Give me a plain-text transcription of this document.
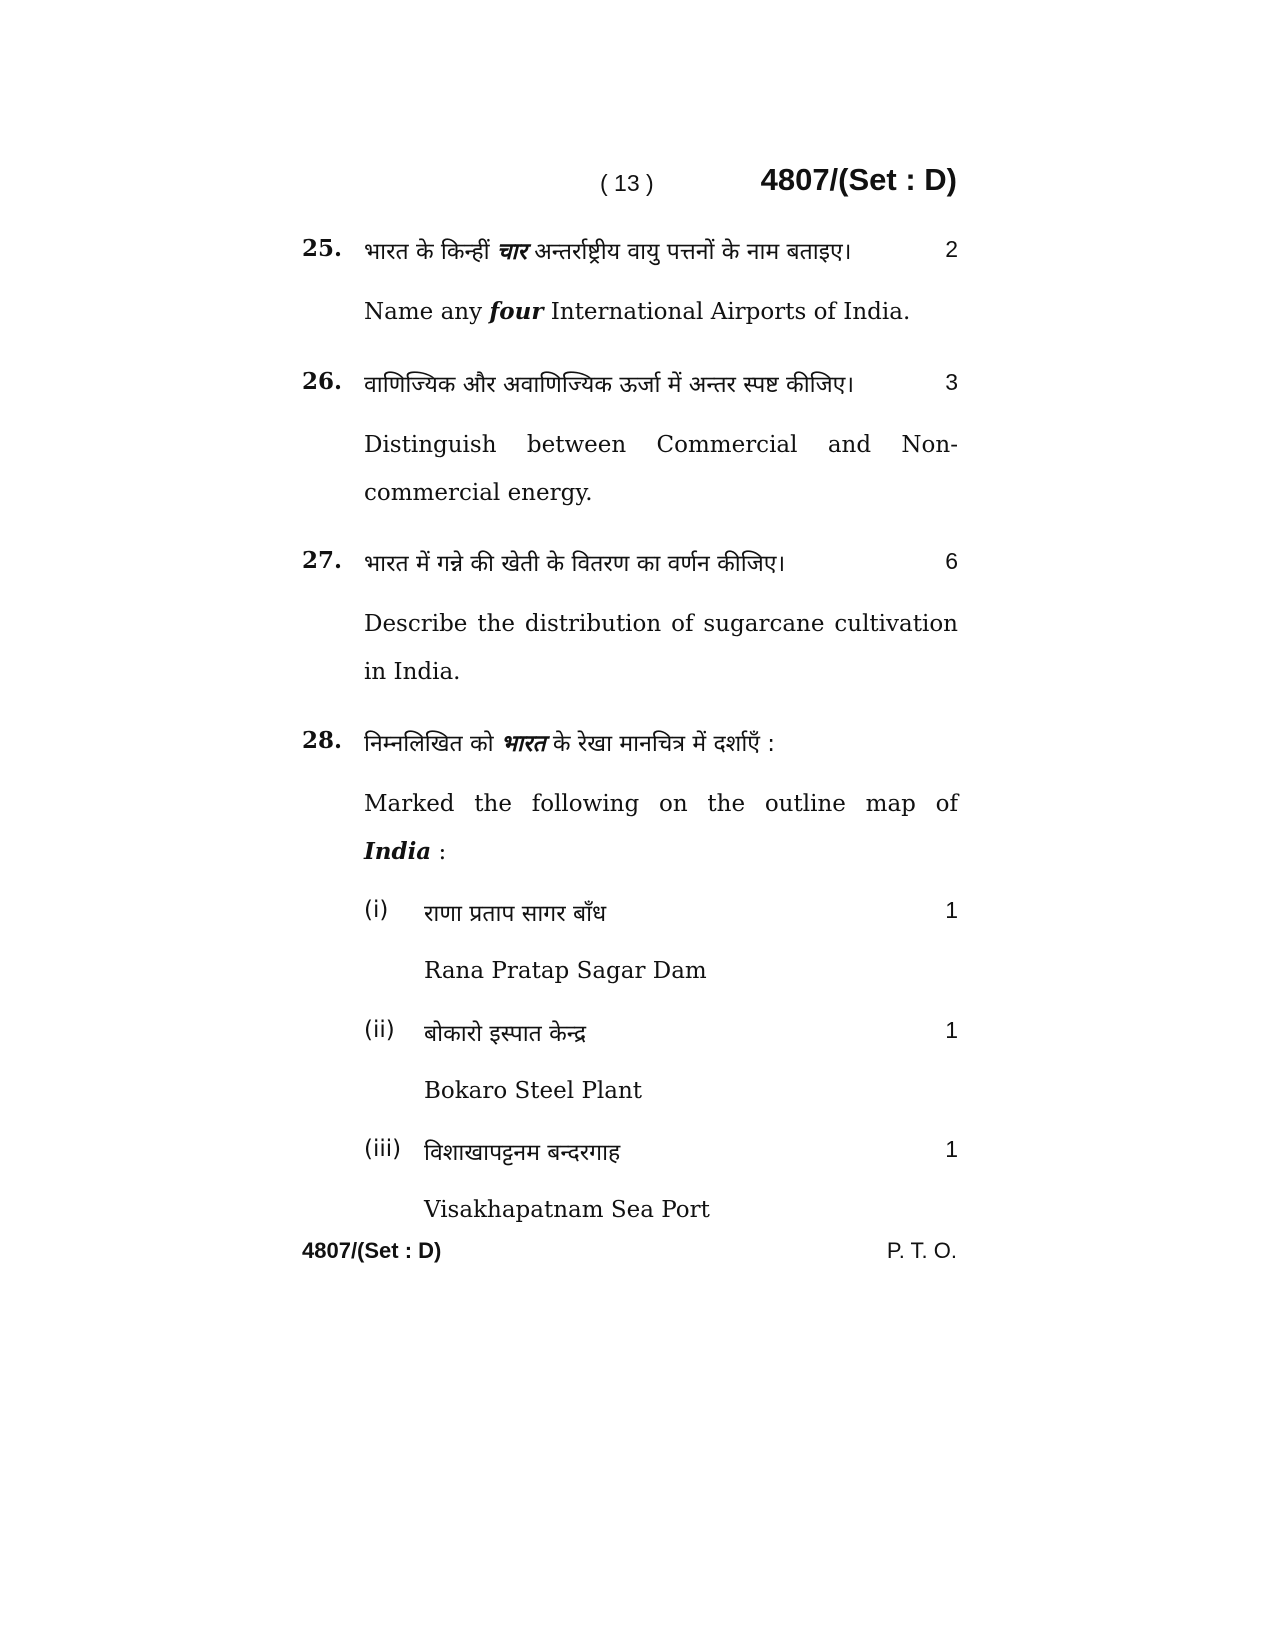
( 13 )	4807/(Set : D)
25. भारत के किन्हीं चार अन्तर्राष्ट्रीय वायु पत्तनों के नाम बताइए।	2
Name any four International Airports of India.
26. वाणिज्यिक और अवाणिज्यिक ऊर्जा में अन्तर स्पष्ट कीजिए।	3
Distinguish between Commercial and Non-
commercial energy.
27. भारत में गन्ने की खेती के वितरण का वर्णन कीजिए।	6
Describe the distribution of sugarcane cultivation
in India.
28. निम्नलिखित को भारत के रेखा मानचित्र में दर्शाएँ :
Marked the following on the outline map of
India :
(i) राणा प्रताप सागर बाँध	1
Rana Pratap Sagar Dam
(ii) बोकारो इस्पात केन्द्र	1
Bokaro Steel Plant
(iii) विशाखापट्टनम बन्दरगाह	1
Visakhapatnam Sea Port
4807/(Set : D)	P. T. O.
